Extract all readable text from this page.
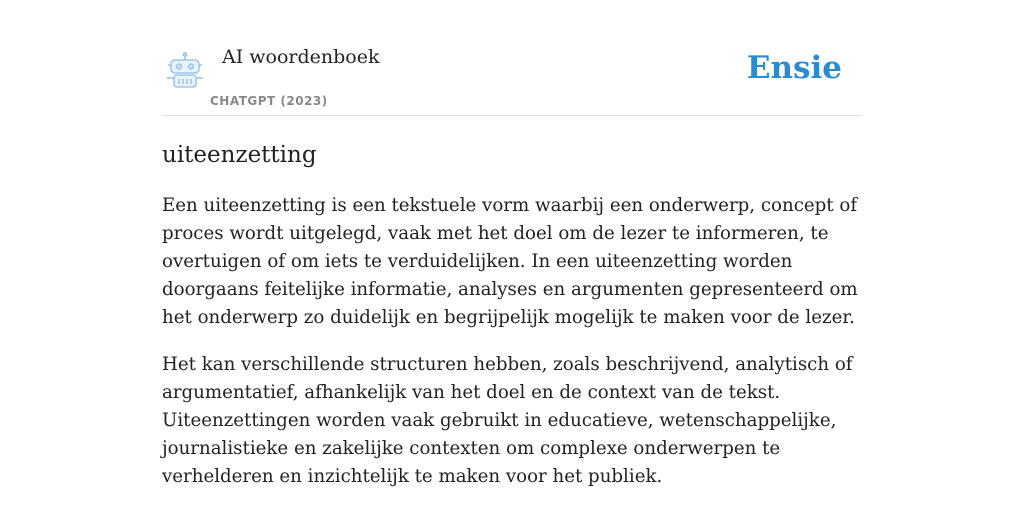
AI woordenboek
CHATGPT (2023)
Ensie
uiteenzetting

Een uiteenzetting is een tekstuele vorm waarbij een onderwerp, concept of proces wordt uitgelegd, vaak met het doel om de lezer te informeren, te overtuigen of om iets te verduidelijken. In een uiteenzetting worden doorgaans feitelijke informatie, analyses en argumenten gepresenteerd om het onderwerp zo duidelijk en begrijpelijk mogelijk te maken voor de lezer.

Het kan verschillende structuren hebben, zoals beschrijvend, analytisch of argumentatief, afhankelijk van het doel en de context van de tekst. Uiteenzettingen worden vaak gebruikt in educatieve, wetenschappelijke, journalistieke en zakelijke contexten om complexe onderwerpen te verhelderen en inzichtelijk te maken voor het publiek.
